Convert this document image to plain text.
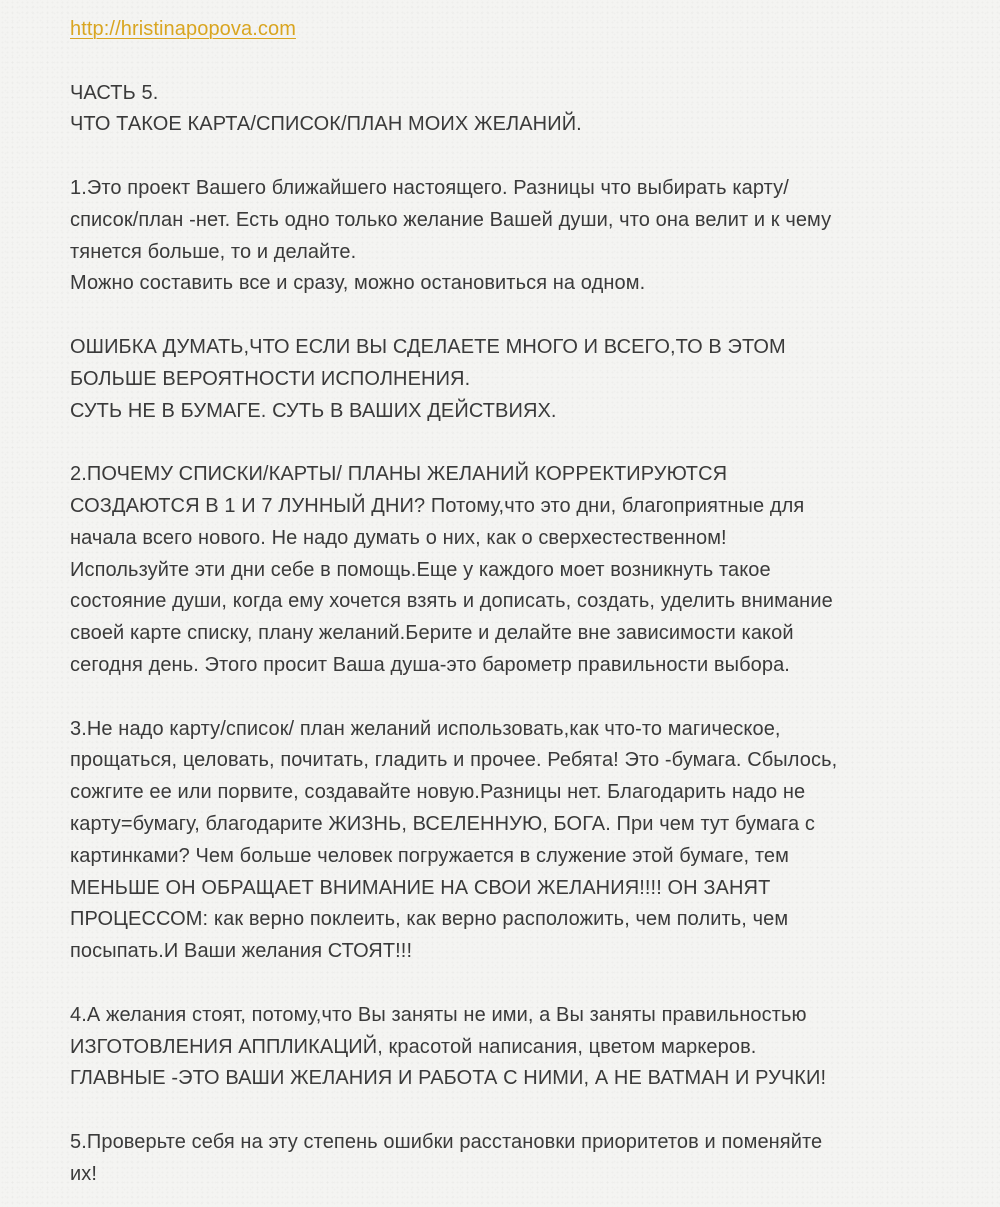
http://hristinapopova.com
ЧАСТЬ 5.
ЧТО ТАКОЕ КАРТА/СПИСОК/ПЛАН МОИХ ЖЕЛАНИЙ.
1.Это проект Вашего ближайшего настоящего. Разницы что выбирать карту/
список/план -нет. Есть одно только желание Вашей души, что она велит и к чему
тянется больше, то и делайте.
Можно составить все и сразу, можно остановиться на одном.
ОШИБКА ДУМАТЬ,ЧТО ЕСЛИ ВЫ СДЕЛАЕТЕ МНОГО И ВСЕГО,ТО В ЭТОМ
БОЛЬШЕ ВЕРОЯТНОСТИ ИСПОЛНЕНИЯ.
СУТЬ НЕ В БУМАГЕ. СУТЬ В ВАШИХ ДЕЙСТВИЯХ.
2.ПОЧЕМУ СПИСКИ/КАРТЫ/ ПЛАНЫ ЖЕЛАНИЙ КОРРЕКТИРУЮТСЯ
СОЗДАЮТСЯ В 1 И 7 ЛУННЫЙ ДНИ? Потому,что это дни, благоприятные для
начала всего нового. Не надо думать о них, как о сверхестественном!
Используйте эти дни себе в помощь.Еще у каждого моет возникнуть такое
состояние души, когда ему хочется взять и дописать, создать, уделить внимание
своей карте списку, плану желаний.Берите и делайте вне зависимости какой
сегодня день. Этого просит Ваша душа-это барометр правильности выбора.
3.Не надо карту/список/ план желаний использовать,как что-то магическое,
прощаться, целовать, почитать, гладить и прочее. Ребята! Это -бумага. Сбылось,
сожгите ее или порвите, создавайте новую.Разницы нет. Благодарить надо не
карту=бумагу, благодарите ЖИЗНЬ, ВСЕЛЕННУЮ, БОГА. При чем тут бумага с
картинками? Чем больше человек погружается в служение этой бумаге, тем
МЕНЬШЕ ОН ОБРАЩАЕТ ВНИМАНИЕ НА СВОИ ЖЕЛАНИЯ!!!! ОН ЗАНЯТ
ПРОЦЕССОМ: как верно поклеить, как верно расположить, чем полить, чем
посыпать.И Ваши желания СТОЯТ!!!
4.А желания стоят, потому,что Вы заняты не ими, а Вы заняты правильностью
ИЗГОТОВЛЕНИЯ АППЛИКАЦИЙ, красотой написания, цветом маркеров.
ГЛАВНЫЕ -ЭТО ВАШИ ЖЕЛАНИЯ И РАБОТА С НИМИ, А НЕ ВАТМАН И РУЧКИ!
5.Проверьте себя на эту степень ошибки расстановки приоритетов и поменяйте
их!
